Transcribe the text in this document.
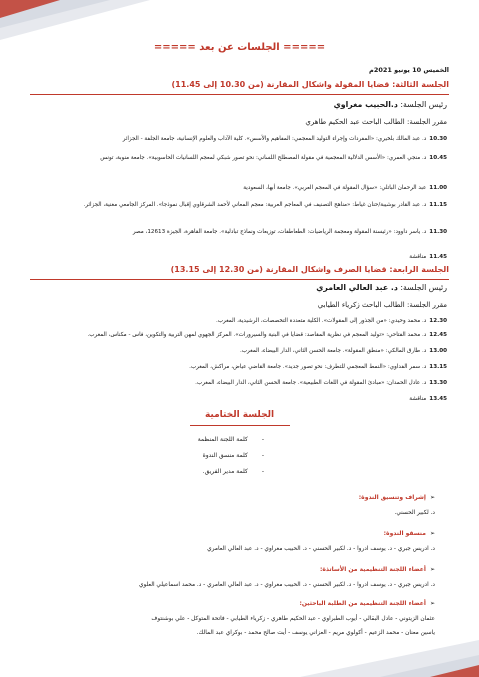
===== الجلسات عن بعد =====
الخميس 10 يونيو 2021م
الجلسة الثالثة: قضايا المقولة واشكال المقارنة (من 10.30 إلى 11.45)
رئيس الجلسة: د.الحبيب مغراوي
مقرر الجلسة: الطالب الباحث عبد الحكيم طاهري
10.30د. عبد المالك بلخيري: «المفردات وإجراء التوليد المعجمي: المفاهيم والأسس». كلية الآداب والعلوم الإنسانية، جامعة الجلفة - الجزائر
10.45د. منجي العمري: «الأسس الدلالية المعجمية في مقولة المصطلح اللساني: نحو تصور شبكي لمعجم اللسانيات الحاسوبية». جامعة منوبة، تونس
11.00عبد الرحمان الباتلي: «سؤال المقولة في المعجم العربي». جامعة أبها، السعودية
11.15د. عبد القادر بوشيبة/حنان غياط: «مناهج التصنيف في المعاجم العربية: معجم المعاني لأحمد الشرقاوي إقبال نموذجا». المركز الجامعي مغنية، الجزائر.
11.30د. ياسر داوود: «رئيسنة المقولة ومعجمة الرياضيات: الطعاطفات، توزيعات ونماذج تبادلية». جامعة القاهرة، الجيزة 12613، مصر
11.45مناقشة
الجلسة الرابعة: قضايا الصرف واشكال المقارنة (من 12.30 إلى 13.15)
رئيس الجلسة: د. عبد العالي العامري
مقرر الجلسة: الطالب الباحث زكرياء الطيابي
12.30د. محمد وحيدي: «من الجذور إلى المقولات». الكلية متعددة التخصصات، الرشيدية، المغرب.
12.45د. محمد الفتاحي: «توليد المعجم في نظرية المقاصد: قضايا في البنية والسيرورات». المركز الجهوي لمهن التربية والتكوين، فاس - مكناس، المغرب.
13.00د. طارق المالكي: «منطق المقولة». جامعة الحسن الثاني، الدار البيضاء، المغرب.
13.15د. سمر الفداوي: «النمط المعجمي للتطرف: نحو تصور جديد». جامعة القاضي عياض، مراكش، المغرب.
13.30د. عادل الحمدان: «مبادئ المقولة في اللغات الطبيعية». جامعة الحسن الثاني، الدار البيضاء، المغرب.
13.45مناقشة
الجلسة الختامية
-كلمة اللجنة المنظمة
-كلمة منسق الندوة
-كلمة مدير الفريق.
➢إشراف وتنسيق الندوة:
د. لكبير الحسني.
➢منسقو الندوة:
د. ادريس جبري - د. يوسف ادروا - د. لكبير الحسني - د. الحبيب مغراوي - د. عبد العالي العامري
➢أعضاء اللجنة التنظيمية من الأساتذة:
د. ادريس جبري - د. يوسف ادروا - د. لكبير الحسني - د. الحبيب مغراوي - د. عبد العالي العامري - د. محمد اسماعيلي العلوي
➢أعضاء اللجنة التنظيمية من الطلبة الباحثين:
عثمان الزيتوني - عادل البقالي - أيوب الطبراوي - عبد الحكيم طاهري - زكرياء الطيابي - فاتحة المتوكل - علي بوشنتوف
ياسين معنان - محمد الزعيم - أكولوي مريم - العزاني يوسف - أيت صالح محمد - بوكراي عبد المالك.
